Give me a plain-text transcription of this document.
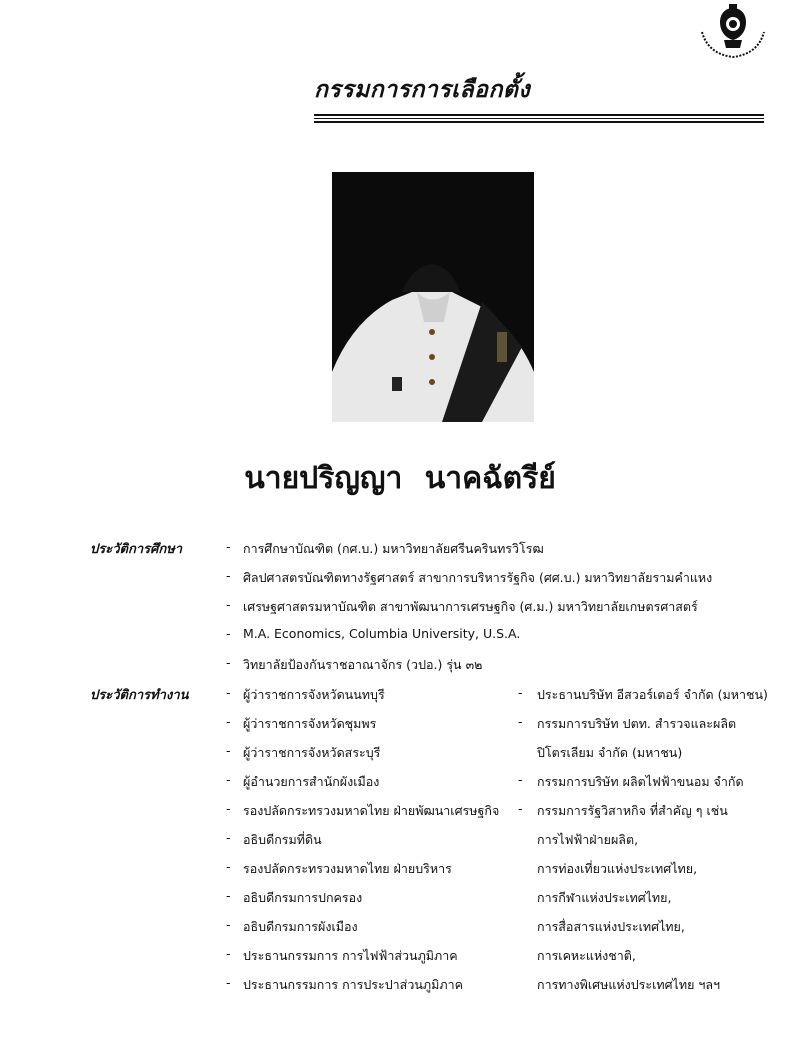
กรรมการการเลือกตั้ง
นายปริญญา นาคฉัตรีย์
ประวัติการศึกษา	- การศึกษาบัณฑิต (กศ.บ.) มหาวิทยาลัยศรีนครินทรวิโรฒ
- ศิลปศาสตรบัณฑิตทางรัฐศาสตร์ สาขาการบริหารรัฐกิจ (ศศ.บ.) มหาวิทยาลัยรามคำแหง
- เศรษฐศาสตรมหาบัณฑิต สาขาพัฒนาการเศรษฐกิจ (ศ.ม.) มหาวิทยาลัยเกษตรศาสตร์
- M.A. Economics, Columbia University, U.S.A.
- วิทยาลัยป้องกันราชอาณาจักร (วปอ.) รุ่น ๓๒
ประวัติการทำงาน	- ผู้ว่าราชการจังหวัดนนทบุรี
- ผู้ว่าราชการจังหวัดชุมพร
- ผู้ว่าราชการจังหวัดสระบุรี
- ผู้อำนวยการสำนักผังเมือง
- รองปลัดกระทรวงมหาดไทย ฝ่ายพัฒนาเศรษฐกิจ
- อธิบดีกรมที่ดิน
- รองปลัดกระทรวงมหาดไทย ฝ่ายบริหาร
- อธิบดีกรมการปกครอง
- อธิบดีกรมการผังเมือง
- ประธานกรรมการ การไฟฟ้าส่วนภูมิภาค
- ประธานกรรมการ การประปาส่วนภูมิภาค
- ประธานบริษัท อีสวอร์เตอร์ จำกัด (มหาชน)
- กรรมการบริษัท ปตท. สำรวจและผลิต
ปิโตรเลียม จำกัด (มหาชน)
- กรรมการบริษัท ผลิตไฟฟ้าขนอม จำกัด
- กรรมการรัฐวิสาหกิจ ที่สำคัญ ๆ เช่น
การไฟฟ้าฝ่ายผลิต,
การท่องเที่ยวแห่งประเทศไทย,
การกีฬาแห่งประเทศไทย,
การสื่อสารแห่งประเทศไทย,
การเคหะแห่งชาติ,
การทางพิเศษแห่งประเทศไทย ฯลฯ
